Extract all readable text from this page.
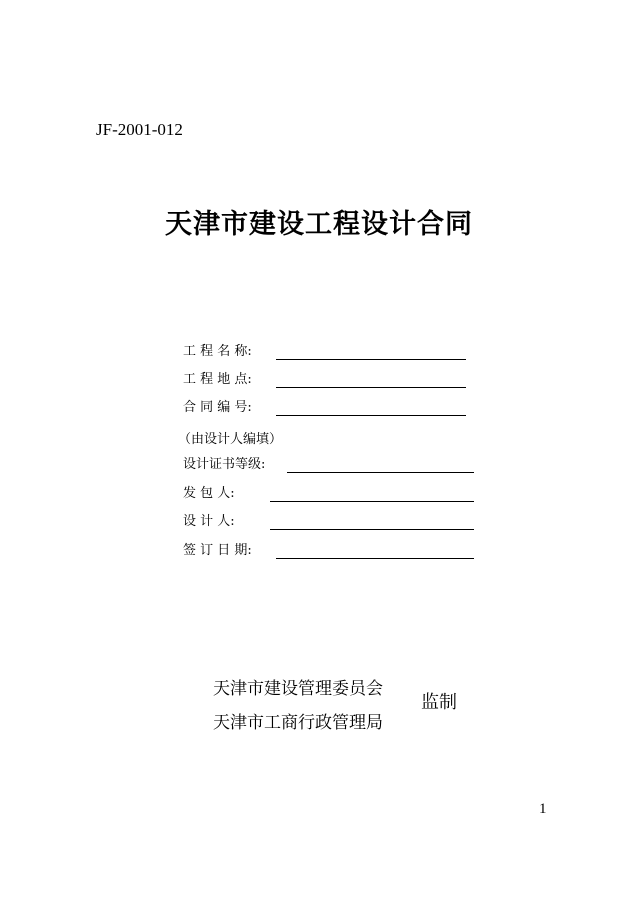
JF-2001-012
天津市建设工程设计合同
工 程 名 称:
工 程 地 点:
合 同 编 号:
（由设计人编填）
设计证书等级:
发 包 人:
设 计 人:
签 订 日 期:
天津市建设管理委员会
天津市工商行政管理局
监制
1
